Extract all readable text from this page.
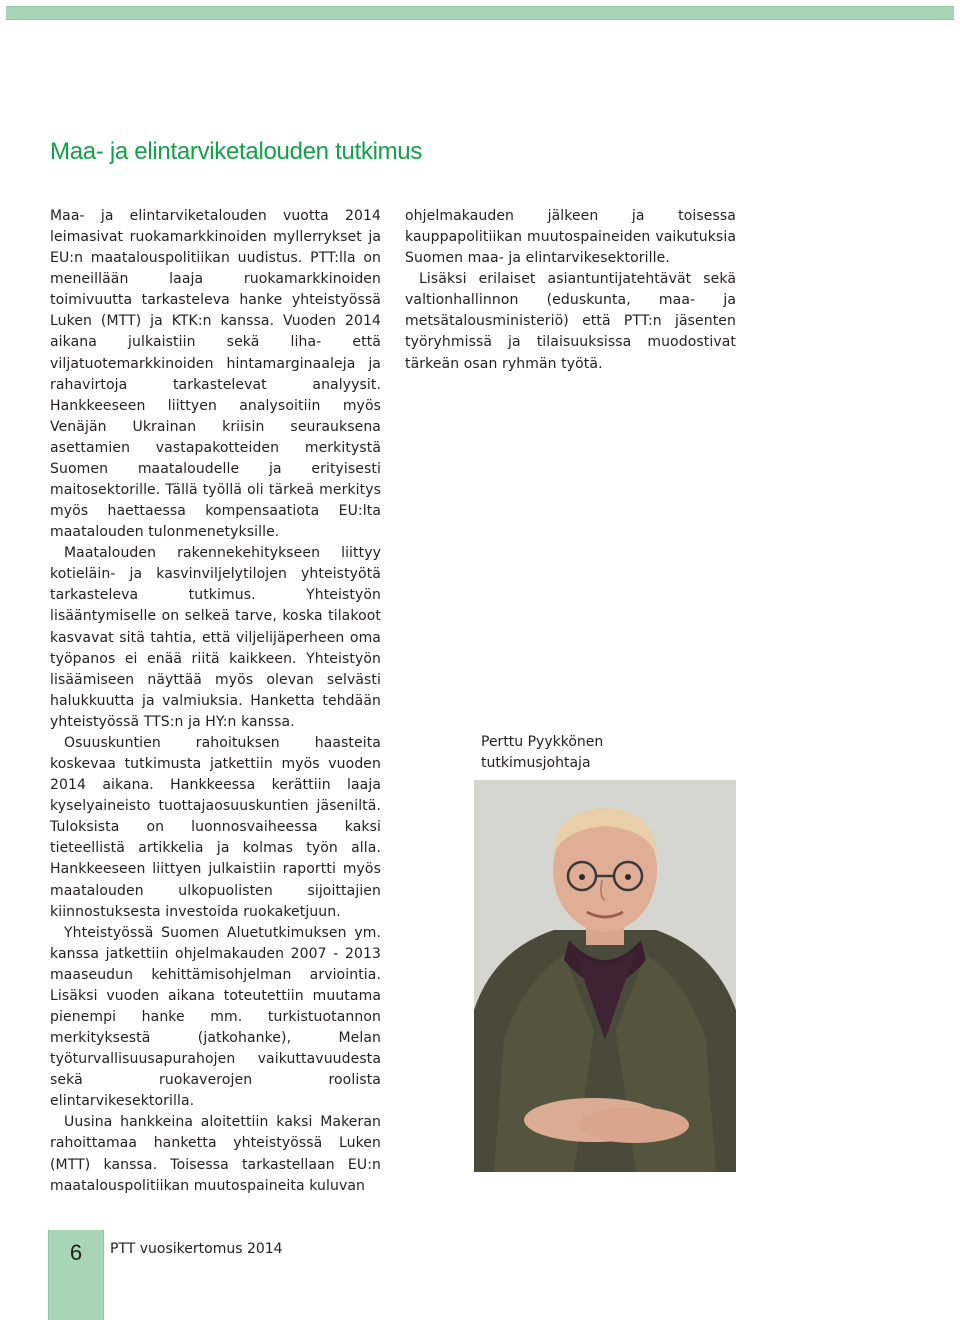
Maa- ja elintarviketalouden tutkimus

Maa- ja elintarviketalouden vuotta 2014 leimasivat ruokamarkkinoiden myllerrykset ja EU:n maatalouspolitiikan uudistus. PTT:lla on meneillään laaja ruokamarkkinoiden toimivuutta tarkasteleva hanke yhteistyössä Luken (MTT) ja KTK:n kanssa. Vuoden 2014 aikana julkaistiin sekä liha- että viljatuotemarkkinoiden hintamarginaaleja ja rahavirtoja tarkastelevat analyysit. Hankkeeseen liittyen analysoitiin myös Venäjän Ukrainan kriisin seurauksena asettamien vastapakotteiden merkitystä Suomen maataloudelle ja erityisesti maitosektorille. Tällä työllä oli tärkeä merkitys myös haettaessa kompensaatiota EU:lta maatalouden tulonmenetyksille.

Maatalouden rakennekehitykseen liittyy kotieläin- ja kasvinviljelytilojen yhteistyötä tarkasteleva tutkimus. Yhteistyön lisääntymiselle on selkeä tarve, koska tilakoot kasvavat sitä tahtia, että viljelijäperheen oma työpanos ei enää riitä kaikkeen. Yhteistyön lisäämiseen näyttää myös olevan selvästi halukkuutta ja valmiuksia. Hanketta tehdään yhteistyössä TTS:n ja HY:n kanssa.

Osuuskuntien rahoituksen haasteita koskevaa tutkimusta jatkettiin myös vuoden 2014 aikana. Hankkeessa kerättiin laaja kyselyaineisto tuottajaosuuskuntien jäseniltä. Tuloksista on luonnosvaiheessa kaksi tieteellistä artikkelia ja kolmas työn alla. Hankkeeseen liittyen julkaistiin raportti myös maatalouden ulkopuolisten sijoittajien kiinnostuksesta investoida ruokaketjuun.

Yhteistyössä Suomen Aluetutkimuksen ym. kanssa jatkettiin ohjelmakauden 2007 - 2013 maaseudun kehittämisohjelman arviointia. Lisäksi vuoden aikana toteutettiin muutama pienempi hanke mm. turkistuotannon merkityksestä (jatkohanke), Melan työturvallisuusapurahojen vaikuttavuudesta sekä ruokaverojen roolista elintarvikesektorilla.

Uusina hankkeina aloitettiin kaksi Makeran rahoittamaa hanketta yhteistyössä Luken (MTT) kanssa. Toisessa tarkastellaan EU:n maatalouspolitiikan muutospaineita kuluvan

ohjelmakauden jälkeen ja toisessa kauppapolitiikan muutospaineiden vaikutuksia Suomen maa- ja elintarvikesektorille.

Lisäksi erilaiset asiantuntijatehtävät sekä valtionhallinnon (eduskunta, maa- ja metsätalousministeriö) että PTT:n jäsenten työryhmissä ja tilaisuuksissa muodostivat tärkeän osan ryhmän työtä.

Perttu Pyykkönen
tutkimusjohtaja
6	PTT vuosikertomus 2014
